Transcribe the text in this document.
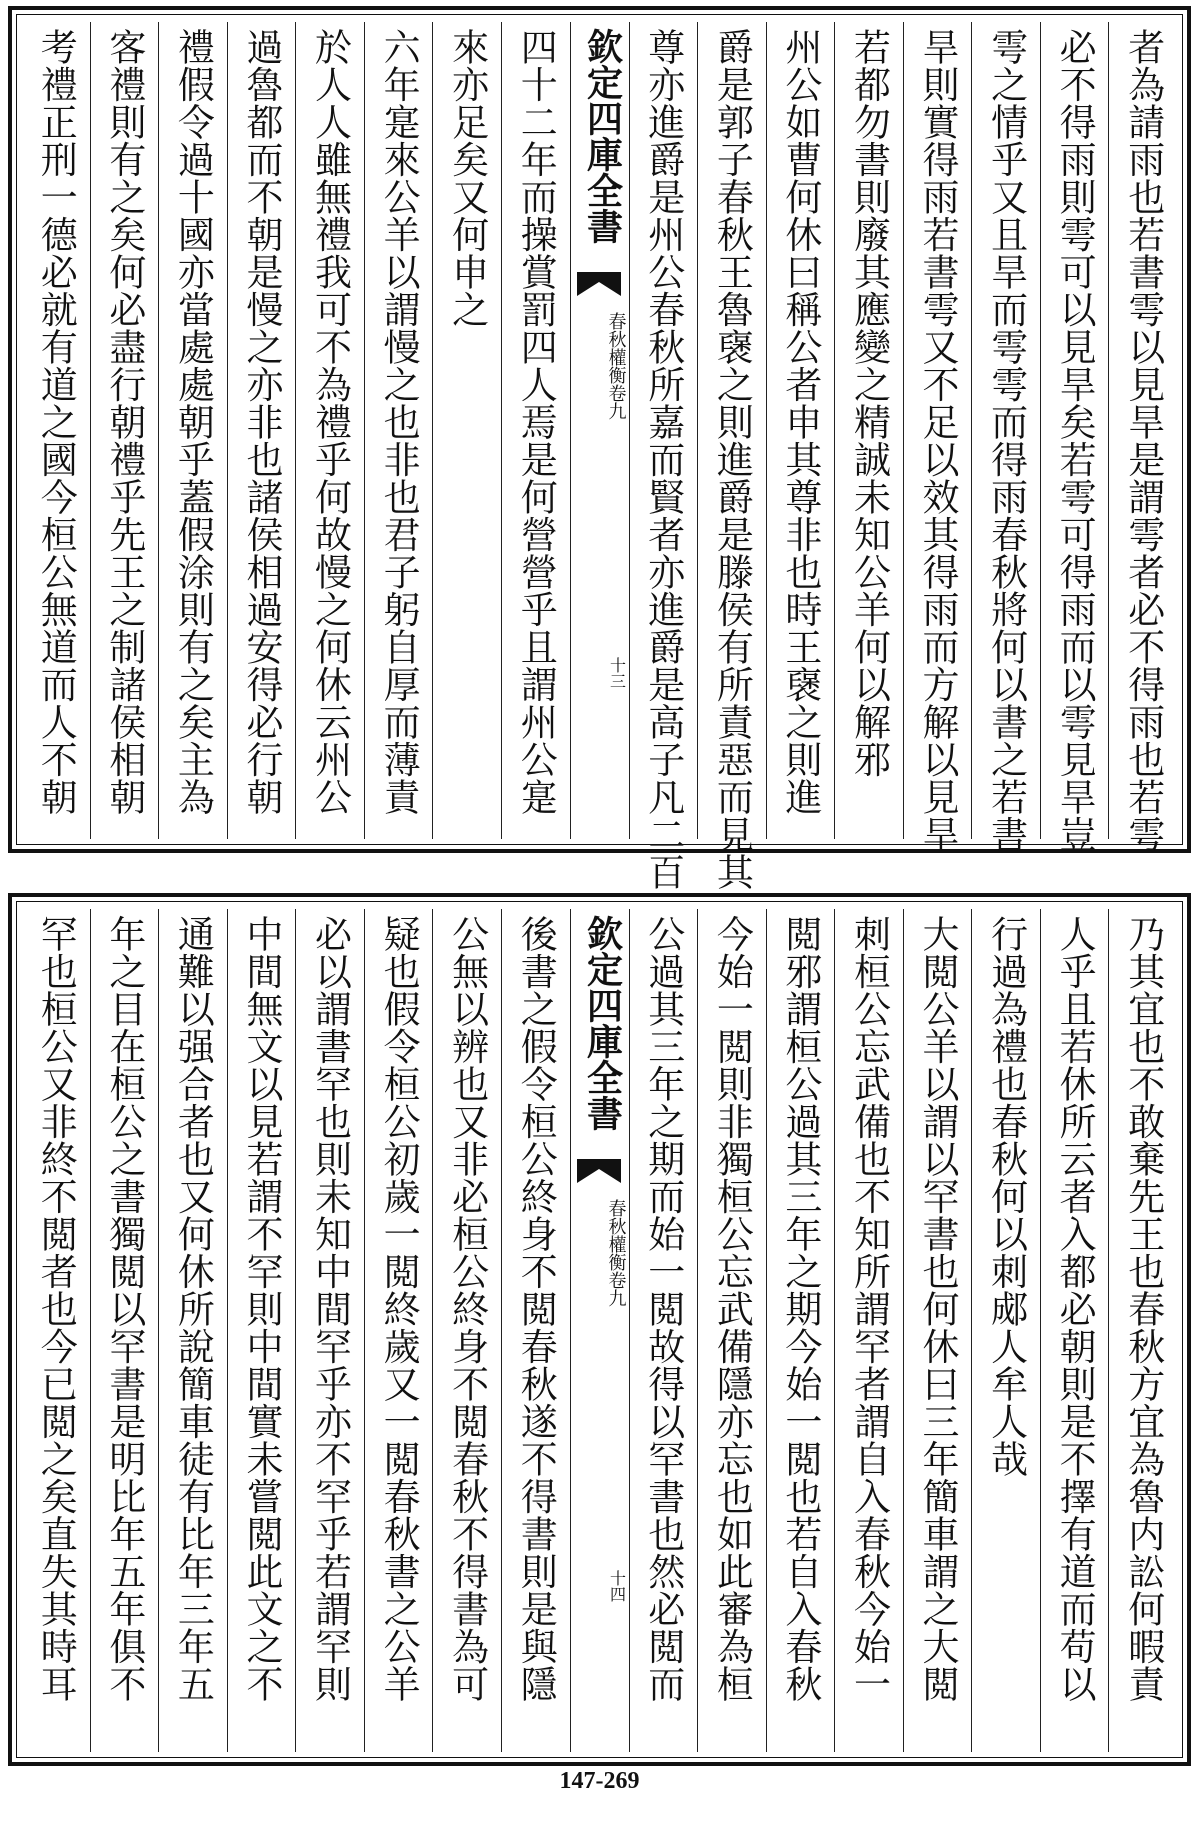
者為請雨也若書雩以見旱是謂雩者必不得雨也若雩
必不得雨則雩可以見旱矣若雩可得雨而以雩見旱豈
雩之情乎又且旱而雩雩而得雨春秋將何以書之若書
旱則實得雨若書雩又不足以效其得雨而方解以見旱
若都勿書則廢其應變之精誠未知公羊何以解邪
州公如曹何休曰稱公者申其尊非也時王襃之則進
爵是郭子春秋王魯襃之則進爵是滕侯有所責惡而見其
尊亦進爵是州公春秋所嘉而賢者亦進爵是高子凡二百
欽定四庫全書
春秋權衡
卷九
十三
四十二年而操賞罰四人焉是何營營乎且謂州公寔
來亦足矣又何申之
六年寔來公羊以謂慢之也非也君子躬自厚而薄責
於人人雖無禮我可不為禮乎何故慢之何休云州公
過魯都而不朝是慢之亦非也諸侯相過安得必行朝
禮假令過十國亦當處處朝乎蓋假涂則有之矣主為
客禮則有之矣何必盡行朝禮乎先王之制諸侯相朝
考禮正刑一德必就有道之國今桓公無道而人不朝
乃其宜也不敢棄先王也春秋方宜為魯内訟何暇責
人乎且若休所云者入都必朝則是不擇有道而苟以
行過為禮也春秋何以刺郕人牟人哉
大閲公羊以謂以罕書也何休曰三年簡車謂之大閲
刺桓公忘武備也不知所謂罕者謂自入春秋今始一
閲邪謂桓公過其三年之期今始一閲也若自入春秋
今始一閲則非獨桓公忘武備隱亦忘也如此審為桓
公過其三年之期而始一閲故得以罕書也然必閲而
欽定四庫全書
春秋權衡
卷九
十四
後書之假令桓公終身不閲春秋遂不得書則是與隱
公無以辨也又非必桓公終身不閲春秋不得書為可
疑也假令桓公初歲一閲終歲又一閲春秋書之公羊
必以謂書罕也則未知中間罕乎亦不罕乎若謂罕則
中間無文以見若謂不罕則中間實未嘗閲此文之不
通難以强合者也又何休所說簡車徒有比年三年五
年之目在桓公之書獨閲以罕書是明比年五年俱不
罕也桓公又非終不閲者也今已閲之矣直失其時耳
147-269
